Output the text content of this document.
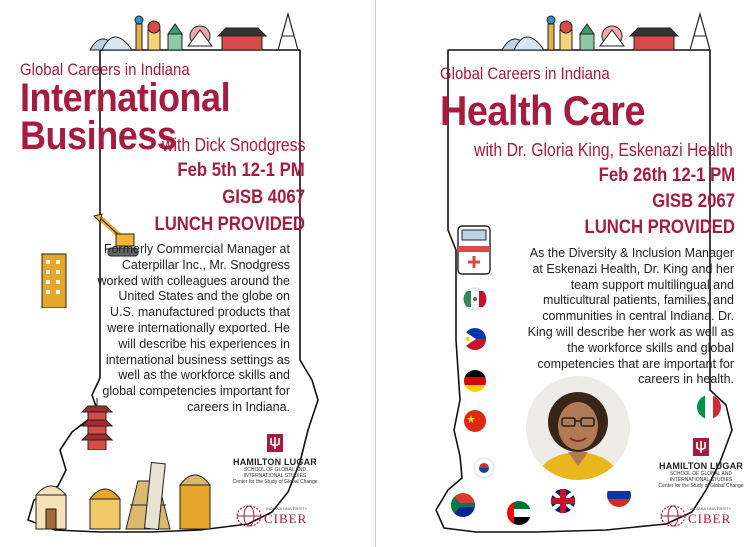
Global Careers in Indiana
International
Business
with Dick Snodgress
Feb 5th 12-1 PM
GISB 4067
LUNCH PROVIDED
Formerly Commercial Manager at Caterpillar Inc., Mr. Snodgress worked with colleagues around the United States and the globe on U.S. manufactured products that were internationally exported. He will describe his experiences in international business settings as well as the workforce skills and global competencies important for careers in Indiana.
HAMILTON LUGAR
SCHOOL OF GLOBAL AND
INTERNATIONAL STUDIES
Center for the Study of Global Change
INDIANA UNIVERSITY
CIBER
Global Careers in Indiana
Health Care
with Dr. Gloria King, Eskenazi Health
Feb 26th 12-1 PM
GISB 2067
LUNCH PROVIDED
As the Diversity & Inclusion Manager at Eskenazi Health, Dr. King and her team support multilingual and multicultural patients, families, and communities in central Indiana. Dr. King will describe her work as well as the workforce skills and global competencies that are important for careers in health.
HAMILTON LUGAR
SCHOOL OF GLOBAL AND
INTERNATIONAL STUDIES
Center for the Study of Global Change
INDIANA UNIVERSITY
CIBER
